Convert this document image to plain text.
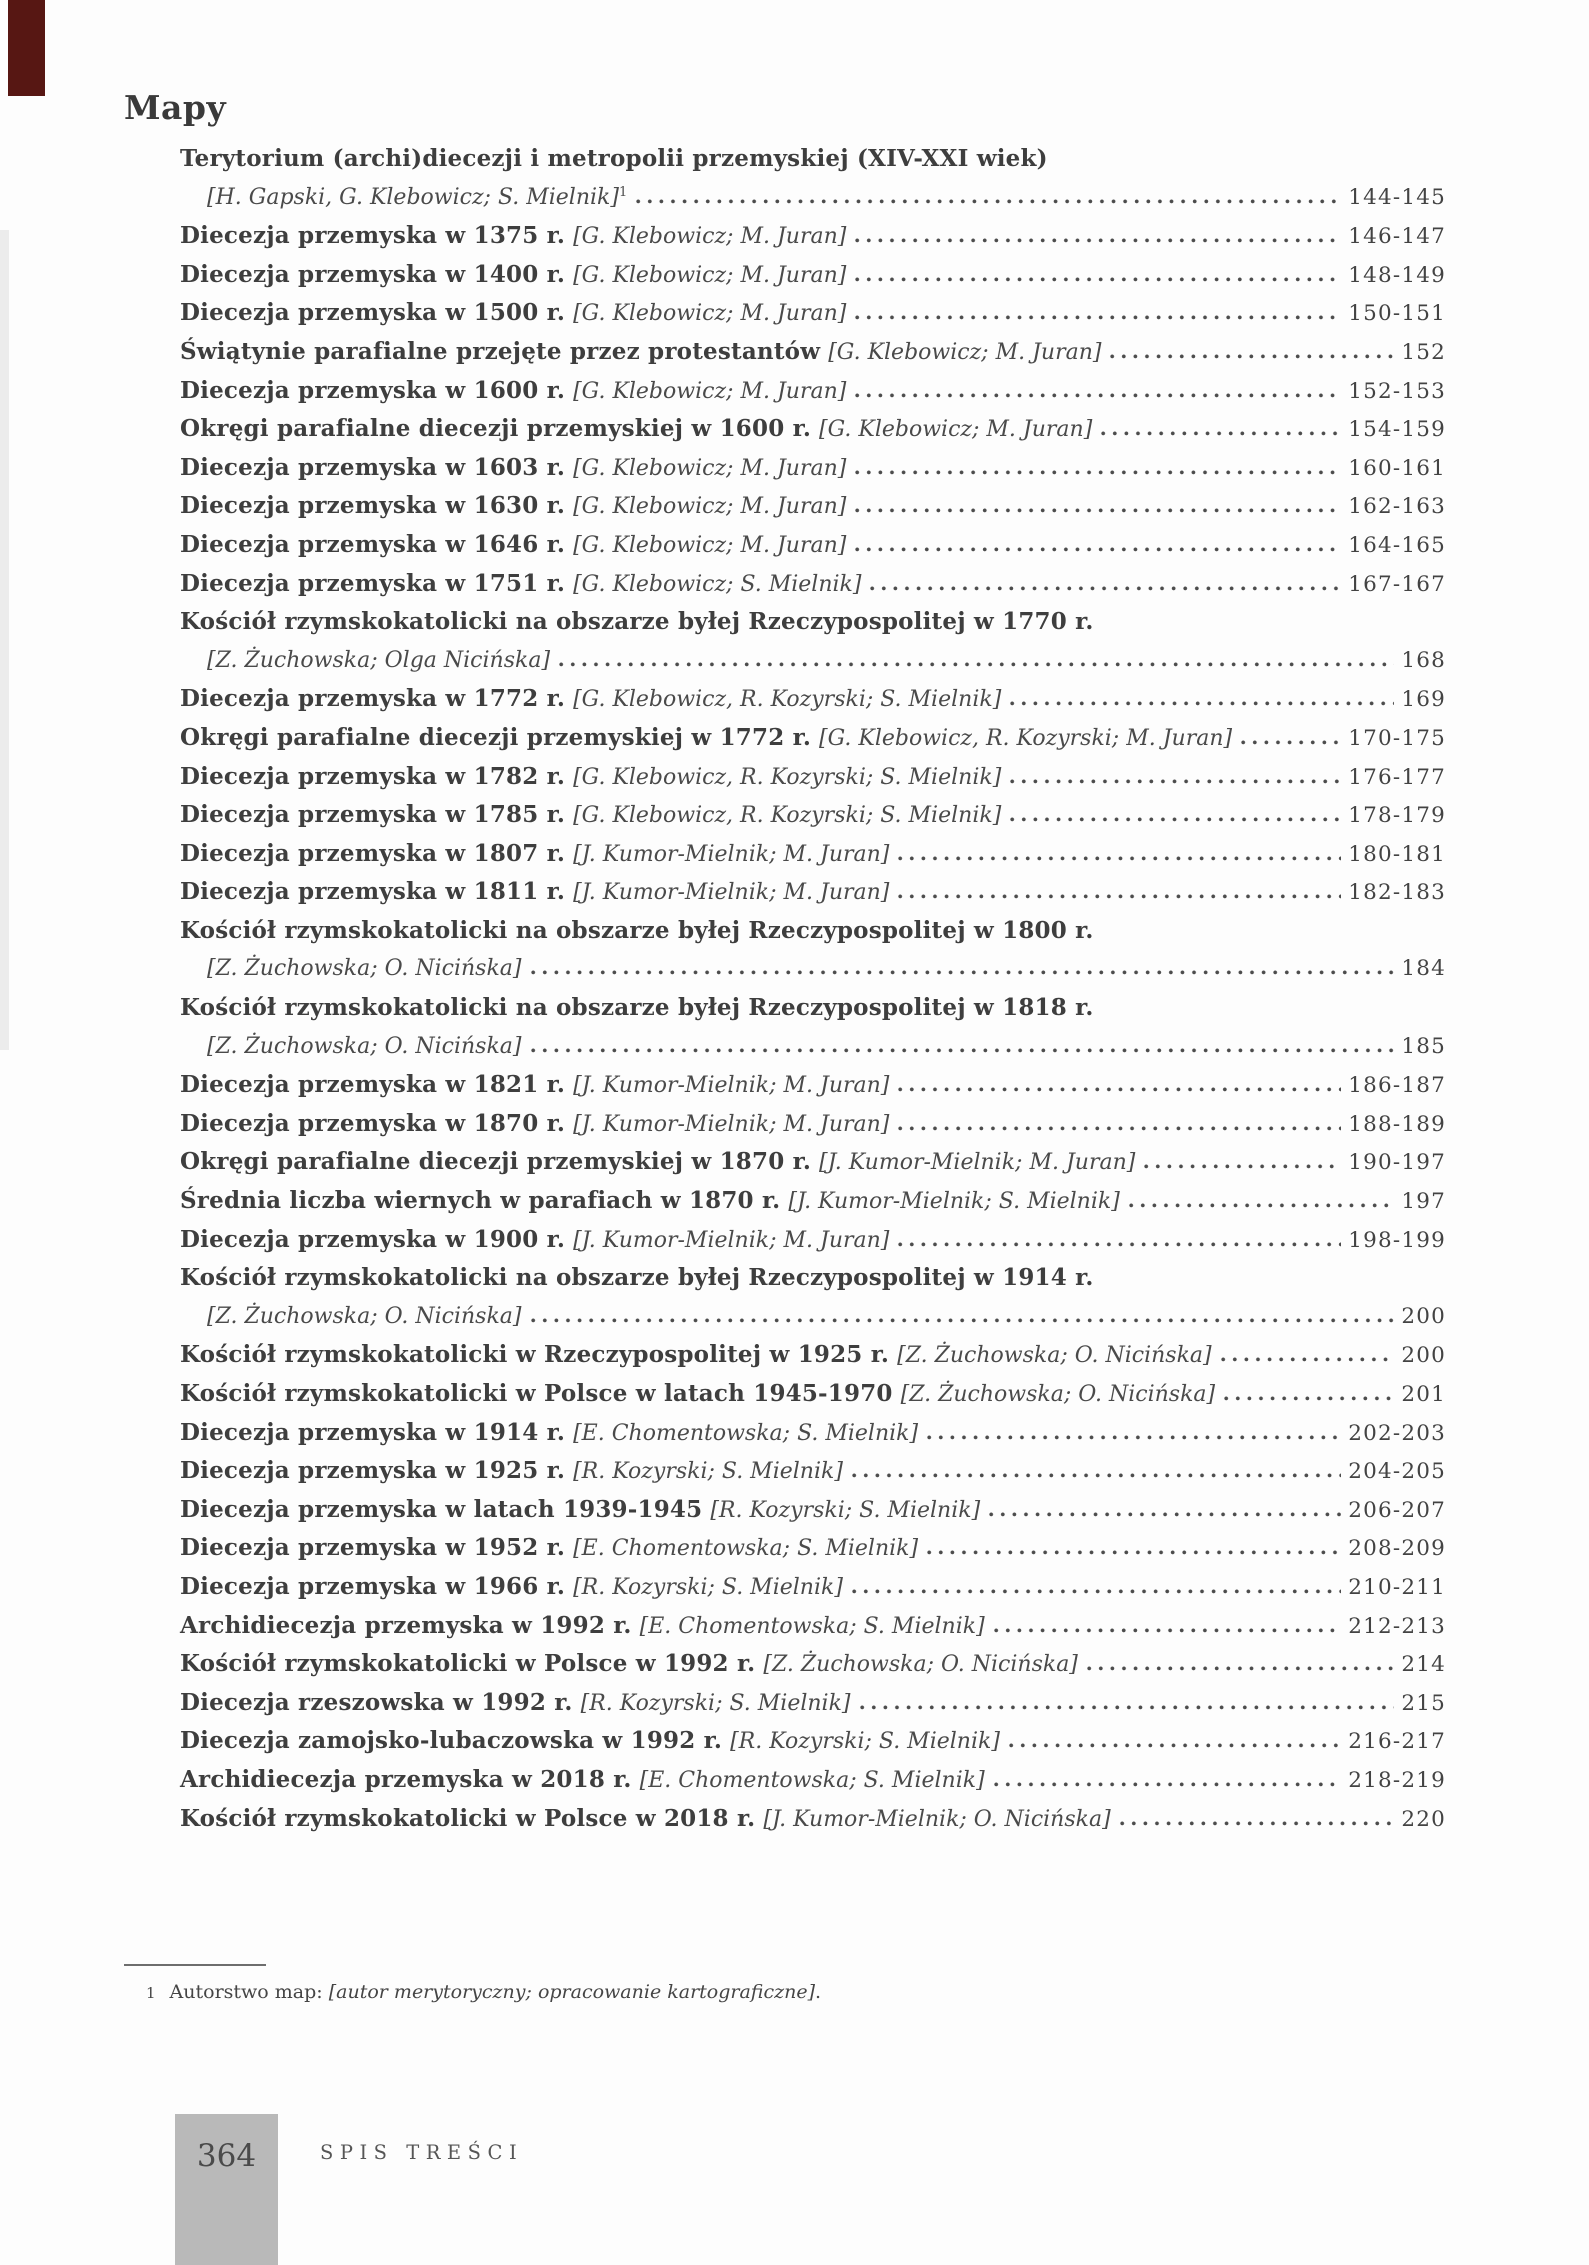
Mapy
Terytorium (archi)diecezji i metropolii przemyskiej (XIV-XXI wiek)
[H. Gapski, G. Klebowicz; S. Mielnik]$^1$	144-145
Diecezja przemyska w 1375 r. [G. Klebowicz; M. Juran]	146-147
Diecezja przemyska w 1400 r. [G. Klebowicz; M. Juran]	148-149
Diecezja przemyska w 1500 r. [G. Klebowicz; M. Juran]	150-151
Świątynie parafialne przejęte przez protestantów [G. Klebowicz; M. Juran]	152
Diecezja przemyska w 1600 r. [G. Klebowicz; M. Juran]	152-153
Okręgi parafialne diecezji przemyskiej w 1600 r. [G. Klebowicz; M. Juran]	154-159
Diecezja przemyska w 1603 r. [G. Klebowicz; M. Juran]	160-161
Diecezja przemyska w 1630 r. [G. Klebowicz; M. Juran]	162-163
Diecezja przemyska w 1646 r. [G. Klebowicz; M. Juran]	164-165
Diecezja przemyska w 1751 r. [G. Klebowicz; S. Mielnik]	167-167
Kościół rzymskokatolicki na obszarze byłej Rzeczypospolitej w 1770 r.
[Z. Żuchowska; Olga Nicińska]	168
Diecezja przemyska w 1772 r. [G. Klebowicz, R. Kozyrski; S. Mielnik]	169
Okręgi parafialne diecezji przemyskiej w 1772 r. [G. Klebowicz, R. Kozyrski; M. Juran]	170-175
Diecezja przemyska w 1782 r. [G. Klebowicz, R. Kozyrski; S. Mielnik]	176-177
Diecezja przemyska w 1785 r. [G. Klebowicz, R. Kozyrski; S. Mielnik]	178-179
Diecezja przemyska w 1807 r. [J. Kumor-Mielnik; M. Juran]	180-181
Diecezja przemyska w 1811 r. [J. Kumor-Mielnik; M. Juran]	182-183
Kościół rzymskokatolicki na obszarze byłej Rzeczypospolitej w 1800 r.
[Z. Żuchowska; O. Nicińska]	184
Kościół rzymskokatolicki na obszarze byłej Rzeczypospolitej w 1818 r.
[Z. Żuchowska; O. Nicińska]	185
Diecezja przemyska w 1821 r. [J. Kumor-Mielnik; M. Juran]	186-187
Diecezja przemyska w 1870 r. [J. Kumor-Mielnik; M. Juran]	188-189
Okręgi parafialne diecezji przemyskiej w 1870 r. [J. Kumor-Mielnik; M. Juran]	190-197
Średnia liczba wiernych w parafiach w 1870 r. [J. Kumor-Mielnik; S. Mielnik]	197
Diecezja przemyska w 1900 r. [J. Kumor-Mielnik; M. Juran]	198-199
Kościół rzymskokatolicki na obszarze byłej Rzeczypospolitej w 1914 r.
[Z. Żuchowska; O. Nicińska]	200
Kościół rzymskokatolicki w Rzeczypospolitej w 1925 r. [Z. Żuchowska; O. Nicińska]	200
Kościół rzymskokatolicki w Polsce w latach 1945-1970 [Z. Żuchowska; O. Nicińska]	201
Diecezja przemyska w 1914 r. [E. Chomentowska; S. Mielnik]	202-203
Diecezja przemyska w 1925 r. [R. Kozyrski; S. Mielnik]	204-205
Diecezja przemyska w latach 1939-1945 [R. Kozyrski; S. Mielnik]	206-207
Diecezja przemyska w 1952 r. [E. Chomentowska; S. Mielnik]	208-209
Diecezja przemyska w 1966 r. [R. Kozyrski; S. Mielnik]	210-211
Archidiecezja przemyska w 1992 r. [E. Chomentowska; S. Mielnik]	212-213
Kościół rzymskokatolicki w Polsce w 1992 r. [Z. Żuchowska; O. Nicińska]	214
Diecezja rzeszowska w 1992 r. [R. Kozyrski; S. Mielnik]	215
Diecezja zamojsko-lubaczowska w 1992 r. [R. Kozyrski; S. Mielnik]	216-217
Archidiecezja przemyska w 2018 r. [E. Chomentowska; S. Mielnik]	218-219
Kościół rzymskokatolicki w Polsce w 2018 r. [J. Kumor-Mielnik; O. Nicińska]	220
1 Autorstwo map: [autor merytoryczny; opracowanie kartograficzne].
364	SPIS TREŚCI
